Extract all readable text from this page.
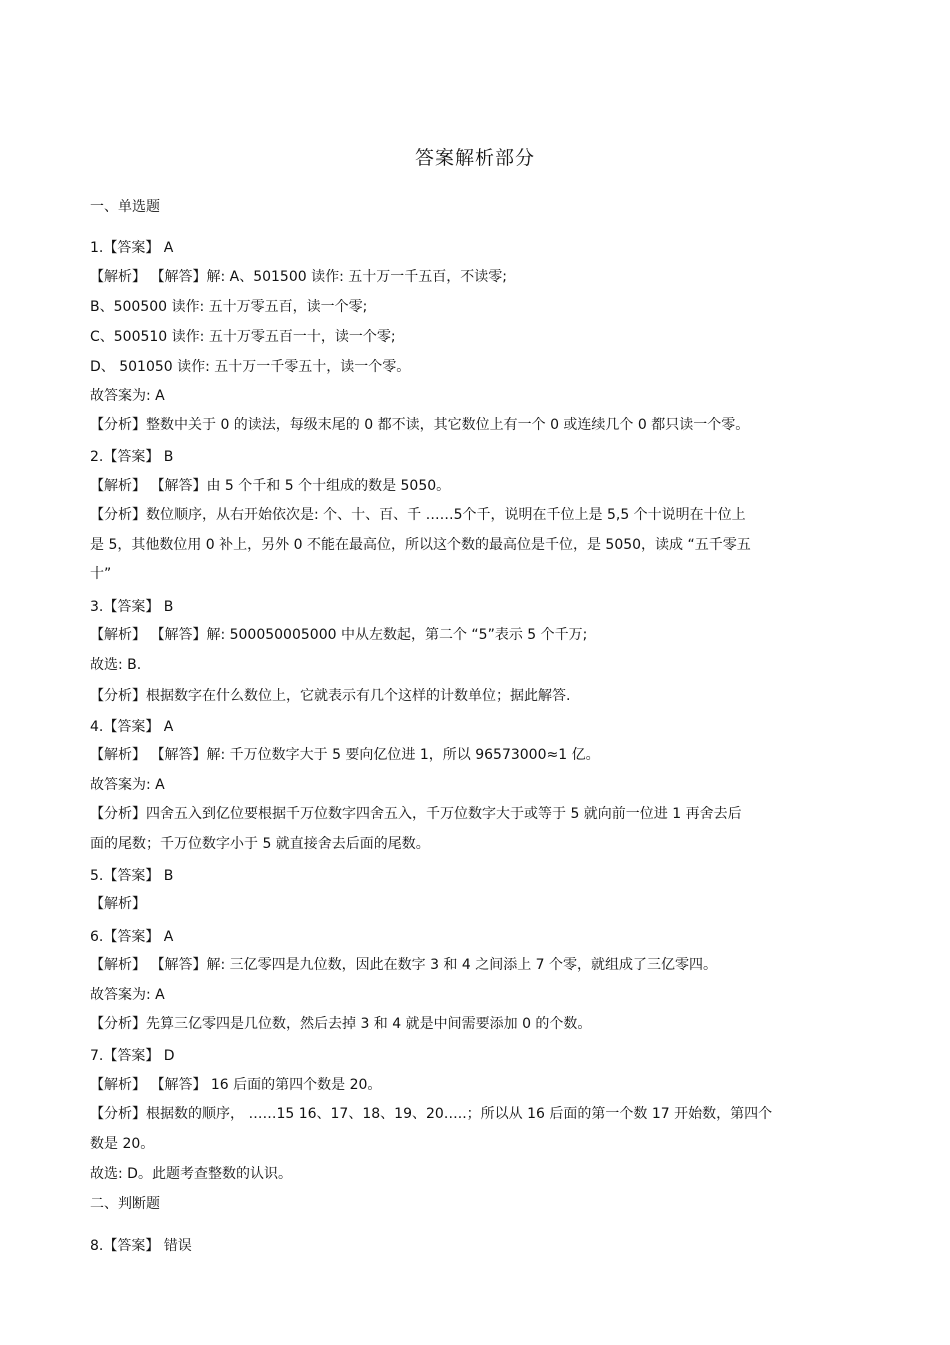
答案解析部分
一、单选题
1.【答案】 A
【解析】 【解答】解: A、501500 读作: 五十万一千五百，不读零;
B、500500 读作: 五十万零五百，读一个零;
C、500510 读作: 五十万零五百一十，读一个零;
D、 501050 读作: 五十万一千零五十，读一个零。
故答案为: A
【分析】整数中关于 0 的读法，每级末尾的 0 都不读，其它数位上有一个 0 或连续几个 0 都只读一个零。
2.【答案】 B
【解析】 【解答】由 5 个千和 5 个十组成的数是 5050。
【分析】数位顺序，从右开始依次是: 个、十、百、千 ……5个千，说明在千位上是 5,5 个十说明在十位上
是 5，其他数位用 0 补上，另外 0 不能在最高位，所以这个数的最高位是千位，是 5050，读成 “五千零五
十”
3.【答案】 B
【解析】 【解答】解: 500050005000 中从左数起，第二个 “5”表示 5 个千万;
故选: B.
【分析】根据数字在什么数位上，它就表示有几个这样的计数单位；据此解答.
4.【答案】 A
【解析】 【解答】解: 千万位数字大于 5 要向亿位进 1，所以 96573000≈1 亿。
故答案为: A
【分析】四舍五入到亿位要根据千万位数字四舍五入，千万位数字大于或等于 5 就向前一位进 1 再舍去后
面的尾数；千万位数字小于 5 就直接舍去后面的尾数。
5.【答案】 B
【解析】
6.【答案】 A
【解析】 【解答】解: 三亿零四是九位数，因此在数字 3 和 4 之间添上 7 个零，就组成了三亿零四。
故答案为: A
【分析】先算三亿零四是几位数，然后去掉 3 和 4 就是中间需要添加 0 的个数。
7.【答案】 D
【解析】 【解答】 16 后面的第四个数是 20。
【分析】根据数的顺序， ……15 16、17、18、19、20…..；所以从 16 后面的第一个数 17 开始数，第四个
数是 20。
故选: D。此题考查整数的认识。
二、判断题
8.【答案】 错误
